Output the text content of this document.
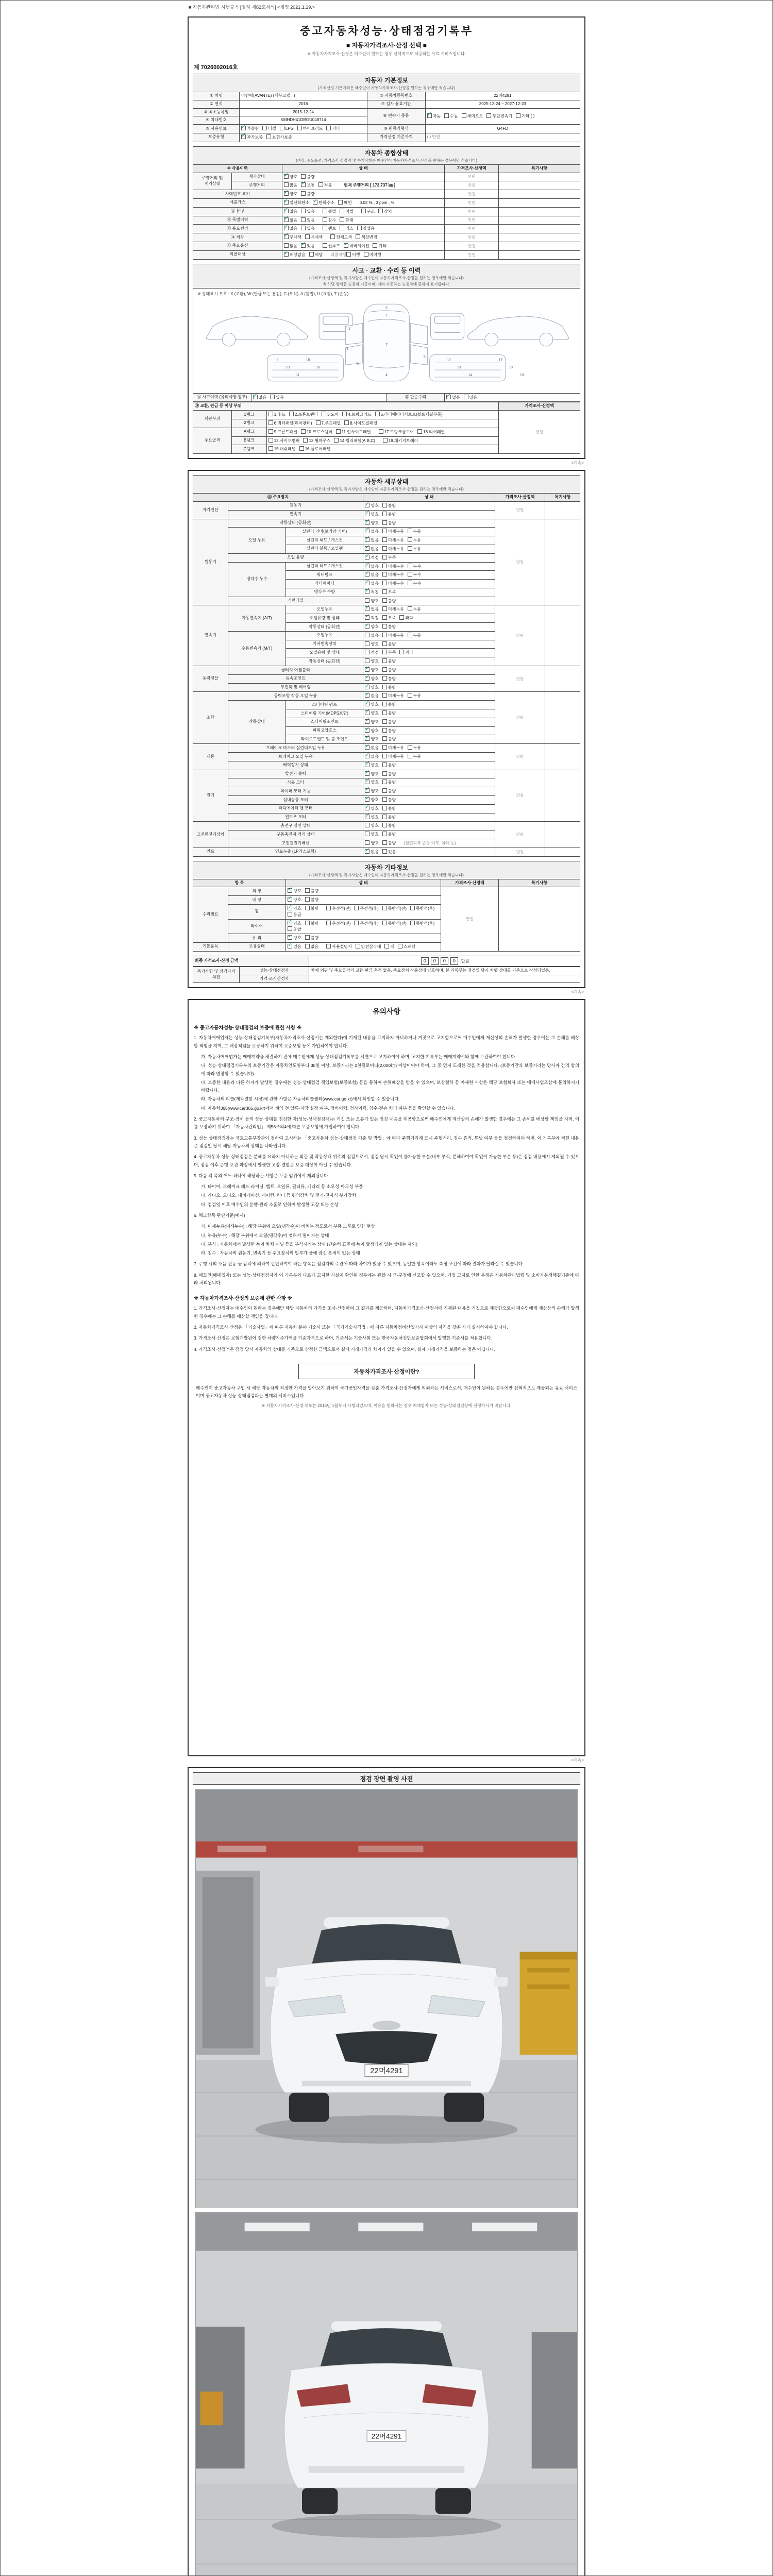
■ 자동차관리법 시행규칙 [별지 제82호서식] <개정 2021.1.19.>
중고자동차성능·상태점검기록부
■ 자동차가격조사·산정 선택 ■
※ 자동차가격조사·산정은 매수인이 원하는 경우 선택적으로 제공하는 유료 서비스입니다.
제 7026002016호
자동차 기본정보
(가격산정 기준가격은 매수인이 자동차가격조사·산정을 원하는 경우에만 적습니다)
① 차명	아반떼(AVANTE) (세부모델 : )	⑥ 자동차등록번호	22머4291
② 연식	2016	⑦ 검사 유효기간	2025-12-24 ~ 2027-12-23
③ 최초등록일	2015-12-24	⑧ 변속기 종류	✓자동 수동 세미오토 무단변속기 기타 ( )
④ 차대번호	KMHDH41DBGU048714		
⑤ 사용연료	✓가솔린 디젤 LPG 하이브리드 기타	⑨ 원동기형식	G4FD
보증유형	✓자가보증 보험사보증	가격산정 기준가격	( ) 만원
자동차 종합상태
(색상, 주요옵션, 가격조사·산정액 및 특기사항은 매수인이 자동차가격조사·산정을 원하는 경우에만 적습니다)
⑩ 사용이력		상 태	가격조사·산정액	특기사항
주행거리 및 계기상태	계기상태	✓양호 불량	만원	
	주행거리	많음 ✓ 보통 적음 현재 주행거리 [ 173,737 ㎞ ]	만원	
차대번호 표기	✓양호 불량	만원	
배출가스	✓일산화탄소 ✓ 탄화수소 매연 0.02 % , 3 ppm , %	만원	
⑪ 튜닝	✓없음 있음 불법 적법 구조 장치	만원	
⑫ 특별이력	✓없음 있음 침수 화재	만원	
⑬ 용도변경	✓없음 있음 렌트 리스 영업용	만원	
⑭ 색상	✓무채색 유채색 전체도색 색상변경	만원	
⑮ 주요옵션		없음 ✓ 있음 썬루프 ✓ 네비게이션 기타	만원	
리콜대상	✓해당없음 해당 리콜이행 이행 미이행	만원	
사고 · 교환 · 수리 등 이력
(가격조사·산정액 및 특기사항은 매수인이 자동차가격조사·산정을 원하는 경우에만 적습니다)
※ 하단 양식은 승용차 기준이며, 기타 자동차는 승용차에 준하여 표시합니다.
※ 상태표시 부호 : X (교환), W (판금 또는 용접), C (부식), A (흠집), U (요철), T (손상)
1
2
3
4
5
6
7
8
9
10
11
12
13
14
15
16
17
18
19
⑯ 사고이력 (유의사항 참조)	✓없음 있음	⑰ 단순수리	✓없음 있음
⑱ 교환, 판금 등 이상 부위			가격조사·산정액
외판부위	1랭크	1.후드 2.프론트펜더 3.도어 4.트렁크리드 5.라디에이터서포트(볼트체결부품)	만원
	2랭크	6.쿼터패널(리어펜더) 7.루프패널 8.사이드실패널	
주요골격	A랭크	9.프론트패널 10.크로스멤버 11.인사이드패널 17.트렁크플로어 18.리어패널	
	B랭크	12.사이드멤버 13.휠하우스 14.필러패널(A,B,C) 19.패키지트레이	
	C랭크	15.대쉬패널 16.플로어패널	
<계속>
자동차 세부상태
(가격조사·산정액 및 특기사항은 매수인이 자동차가격조사·산정을 원하는 경우에만 적습니다)
⑲ 주요장치			상 태	가격조사·산정액	특기사항
자기진단	원동기	✓양호 불량	만원	
	변속기	✓양호 불량
원동기	작동상태 (공회전)	✓양호 불량	만원	
	오일 누유	실린더 커버(로커암 커버)	✓없음 미세누유 누유
		실린더 헤드 / 개스킷	✓없음 미세누유 누유
		실린더 블록 / 오일팬	✓없음 미세누유 누유
	오일 유량	✓적정 부족
	냉각수 누수	실린더 헤드 / 개스킷	✓없음 미세누수 누수
		워터펌프	✓없음 미세누수 누수
		라디에이터	✓없음 미세누수 누수
		냉각수 수량	✓적정 부족
	커먼레일		양호 불량		
변속기	자동변속기 (A/T)	오일누유	✓없음 미세누유 누유	만원	
		오일유량 및 상태	✓적정 부족 과다
		작동상태 (공회전)	✓양호 불량
	수동변속기 (M/T)	오일누유	없음 미세누유 누유		
		기어변속장치	양호 불량		
		오일유량 및 상태	적정 부족 과다		
		작동상태 (공회전)	양호 불량		
동력전달	클러치 어셈블리	✓양호 불량	만원	
	등속조인트	✓양호 불량
	추진축 및 베어링	✓양호 불량
조향	동력조향 작동 오일 누유	✓없음 미세누유 누유	만원	
	작동상태	스티어링 펌프	✓양호 불량
		스티어링 기어(MDPS포함)	✓양호 불량
		스티어링조인트	✓양호 불량
		파워고압호스	✓양호 불량
		타이로드엔드 및 볼 조인트	✓양호 불량
제동	브레이크 마스터 실린더오일 누유	✓없음 미세누유 누유	만원	
	브레이크 오일 누유	✓없음 미세누유 누유
	배력장치 상태	✓양호 불량
전기	발전기 출력	✓양호 불량	만원	
	시동 모터	✓양호 불량
	와이퍼 모터 기능	✓양호 불량
	실내송풍 모터	✓양호 불량
	라디에이터 팬 모터	✓양호 불량
	윈도우 모터	✓양호 불량
고전원전기장치	충전구 절연 상태		양호 불량	만원	
	구동축전지 격리 상태		양호 불량		
	고전원전기배선		양호 불량 (절연피복 손상 여부, 차폐 등)		
연료	연료누출 (LP가스포함)	✓없음 있음	만원	
자동차 기타정보
(가격조사·산정액 및 특기사항은 매수인이 자동차가격조사·산정을 원하는 경우에만 적습니다)
항 목		상 태	가격조사·산정액	특기사항
수리필요	외 장	✓양호 불량	만원	
	내 장	✓양호 불량
	휠	✓양호 불량 운전석(전) 운전석(후) 동반석(전) 동반석(후)응급
	타이어	✓양호 불량 운전석(전) 운전석(후) 동반석(전) 동반석(후)응급
	유 리	✓양호 불량
기본품목	보유상태	✓있음 없음 사용설명서 안전삼각대 잭 스패너
최종 가격조사·산정 금액	0 0 0 0 만원
특기사항 및 점검자의 의견	성능·상태점검자	차체 외판 및 주요골격의 교환·판금 흔적 없음. 주요장치 작동상태 양호하며, 본 기록부는 점검일 당시 차량 상태를 기준으로 작성되었음.
	가격·조사산정자	
<계속>
유의사항
※ 중고자동차성능·상태점검의 보증에 관한 사항 ※
1. 자동차매매업자는 성능·상태점검기록부(자동차가격조사·산정서는 제외한다)에 기재된 내용을 고지하지 아니하거나 거짓으로 고지함으로써 매수인에게 재산상의 손해가 발생한 경우에는 그 손해를 배상할 책임을 지며, 그 배상책임을 보장하기 위하여 보증보험 등에 가입하여야 합니다.
가. 자동차매매업자는 매매계약을 체결하기 전에 매수인에게 성능·상태점검기록부를 서면으로 고지하여야 하며, 고지한 기록부는 매매계약서와 함께 보관하여야 합니다.
나. 성능·상태점검기록부의 보증기간은 자동차인도일부터 30일 이상, 보증거리는 2천킬로미터(2,000㎞) 이상이어야 하며, 그 중 먼저 도래한 것을 적용합니다. (보증기간과 보증거리는 당사자 간의 합의에 따라 연장할 수 있습니다)
다. 보증한 내용과 다른 하자가 발생한 경우에는 성능·상태점검 책임보험(보증보험) 등을 통하여 손해배상을 받을 수 있으며, 보상절차 등 자세한 사항은 해당 보험회사 또는 매매사업조합에 문의하시기 바랍니다.
라. 자동차의 리콜(제작결함 시정)에 관한 사항은 자동차리콜센터(www.car.go.kr)에서 확인할 수 있습니다.
마. 자동차365(www.car365.go.kr)에서 계약 전 압류·저당 설정 여부, 정비이력, 검사이력, 침수·전손 처리 여부 등을 확인할 수 있습니다.
2. 중고자동차의 구조·장치 등의 성능·상태를 점검한 자(성능·상태점검자)는 거짓 또는 오류가 있는 점검 내용을 제공함으로써 매수인에게 재산상의 손해가 발생한 경우에는 그 손해를 배상할 책임을 지며, 이를 보장하기 위하여 「자동차관리법」 제58조의4에 따른 보증보험에 가입하여야 합니다.
3. 성능·상태점검자는 국토교통부장관이 정하여 고시하는 「중고자동차 성능·상태점검 기준 및 방법」에 따라 주행거리계 표시 주행거리, 침수 흔적, 튜닝 여부 등을 점검하여야 하며, 이 기록부에 적힌 내용은 점검일 당시 해당 자동차의 상태를 나타냅니다.
4. 중고자동차 성능·상태점검은 분해를 요하지 아니하는 외관 및 작동상태 위주의 점검으로서, 점검 당시 확인이 불가능한 부분(내부 부식, 분해하여야 확인이 가능한 부분 등)은 점검 내용에서 제외될 수 있으며, 점검 이후 운행·보관 과정에서 발생한 고장·결함은 보증 대상이 아닐 수 있습니다.
5. 다음 각 목의 어느 하나에 해당하는 사항은 보증 범위에서 제외됩니다.
가. 타이어, 브레이크 패드·라이닝, 벨트, 오일류, 필터류, 배터리 등 소모성·마모성 부품
나. 라디오, 오디오, 내비게이션, 에어컨, 히터 등 편의장치 및 전기·전자식 부가장치
다. 점검일 이후 매수인의 운행·관리 소홀로 인하여 발생한 고장 또는 손상
6. 체크항목 판단기준(예시)
가. 미세누유(미세누수) : 해당 부위에 오일(냉각수)이 비치는 정도로서 부품 노후로 인한 현상
나. 누유(누수) : 해당 부위에서 오일(냉각수)이 맺혀서 떨어지는 상태
다. 부식 : 자동차에서 발생한 녹이 차체 패널 등을 부식시키는 상태 (단순히 표면에 녹이 발생되어 있는 상태는 제외)
라. 침수 : 자동차의 원동기, 변속기 등 주요장치의 일부가 물에 잠긴 흔적이 있는 상태
7. 주행 시의 소음·진동 등 감각에 의하여 판단하여야 하는 항목은 점검자의 주관에 따라 차이가 있을 수 있으며, 동일한 항목이라도 측정 조건에 따라 결과가 달라질 수 있습니다.
8. 매도인(매매업자) 또는 성능·상태점검자가 이 기록부와 다르게 고지한 사실이 확인된 경우에는 관할 시·군·구청에 신고할 수 있으며, 거짓 고지로 인한 분쟁은 자동차관리법령 및 소비자분쟁해결기준에 따라 처리됩니다.
※ 자동차가격조사·산정의 보증에 관한 사항 ※
1. 가격조사·산정자는 매수인이 원하는 경우에만 해당 자동차의 가격을 조사·산정하여 그 결과를 제공하며, 자동차가격조사·산정서에 기재된 내용을 거짓으로 제공함으로써 매수인에게 재산상의 손해가 발생한 경우에는 그 손해를 배상할 책임을 집니다.
2. 자동차가격조사·산정은 「기술사법」에 따른 자동차 분야 기술사 또는 「국가기술자격법」에 따른 자동차정비산업기사 이상의 자격을 갖춘 자가 실시하여야 합니다.
3. 가격조사·산정은 보험개발원이 정한 차량기준가액을 기준가격으로 하며, 기준서는 기술사회 또는 한국자동차진단보증협회에서 발행한 기준서를 적용합니다.
4. 가격조사·산정액은 점검 당시 자동차의 상태를 기준으로 산정한 금액으로서 실제 거래가격과 차이가 있을 수 있으며, 실제 거래가격을 보증하는 것은 아닙니다.
자동차가격조사·산정이란?
매수인이 중고자동차 구입 시 해당 자동차의 적정한 가격을 알아보기 위하여 국가공인자격을 갖춘 가격조사·산정자에게 의뢰하는 서비스로서, 매수인이 원하는 경우에만 선택적으로 제공되는 유료 서비스이며 중고자동차 성능·상태점검과는 별개의 서비스입니다.
※ 자동차가격조사·산정 제도는 2015년 1월부터 시행되었으며, 이용을 원하시는 경우 매매업자 또는 성능·상태점검장에 신청하시기 바랍니다.
<계속>
점검 장면 촬영 사진
22머4291
22머4291
